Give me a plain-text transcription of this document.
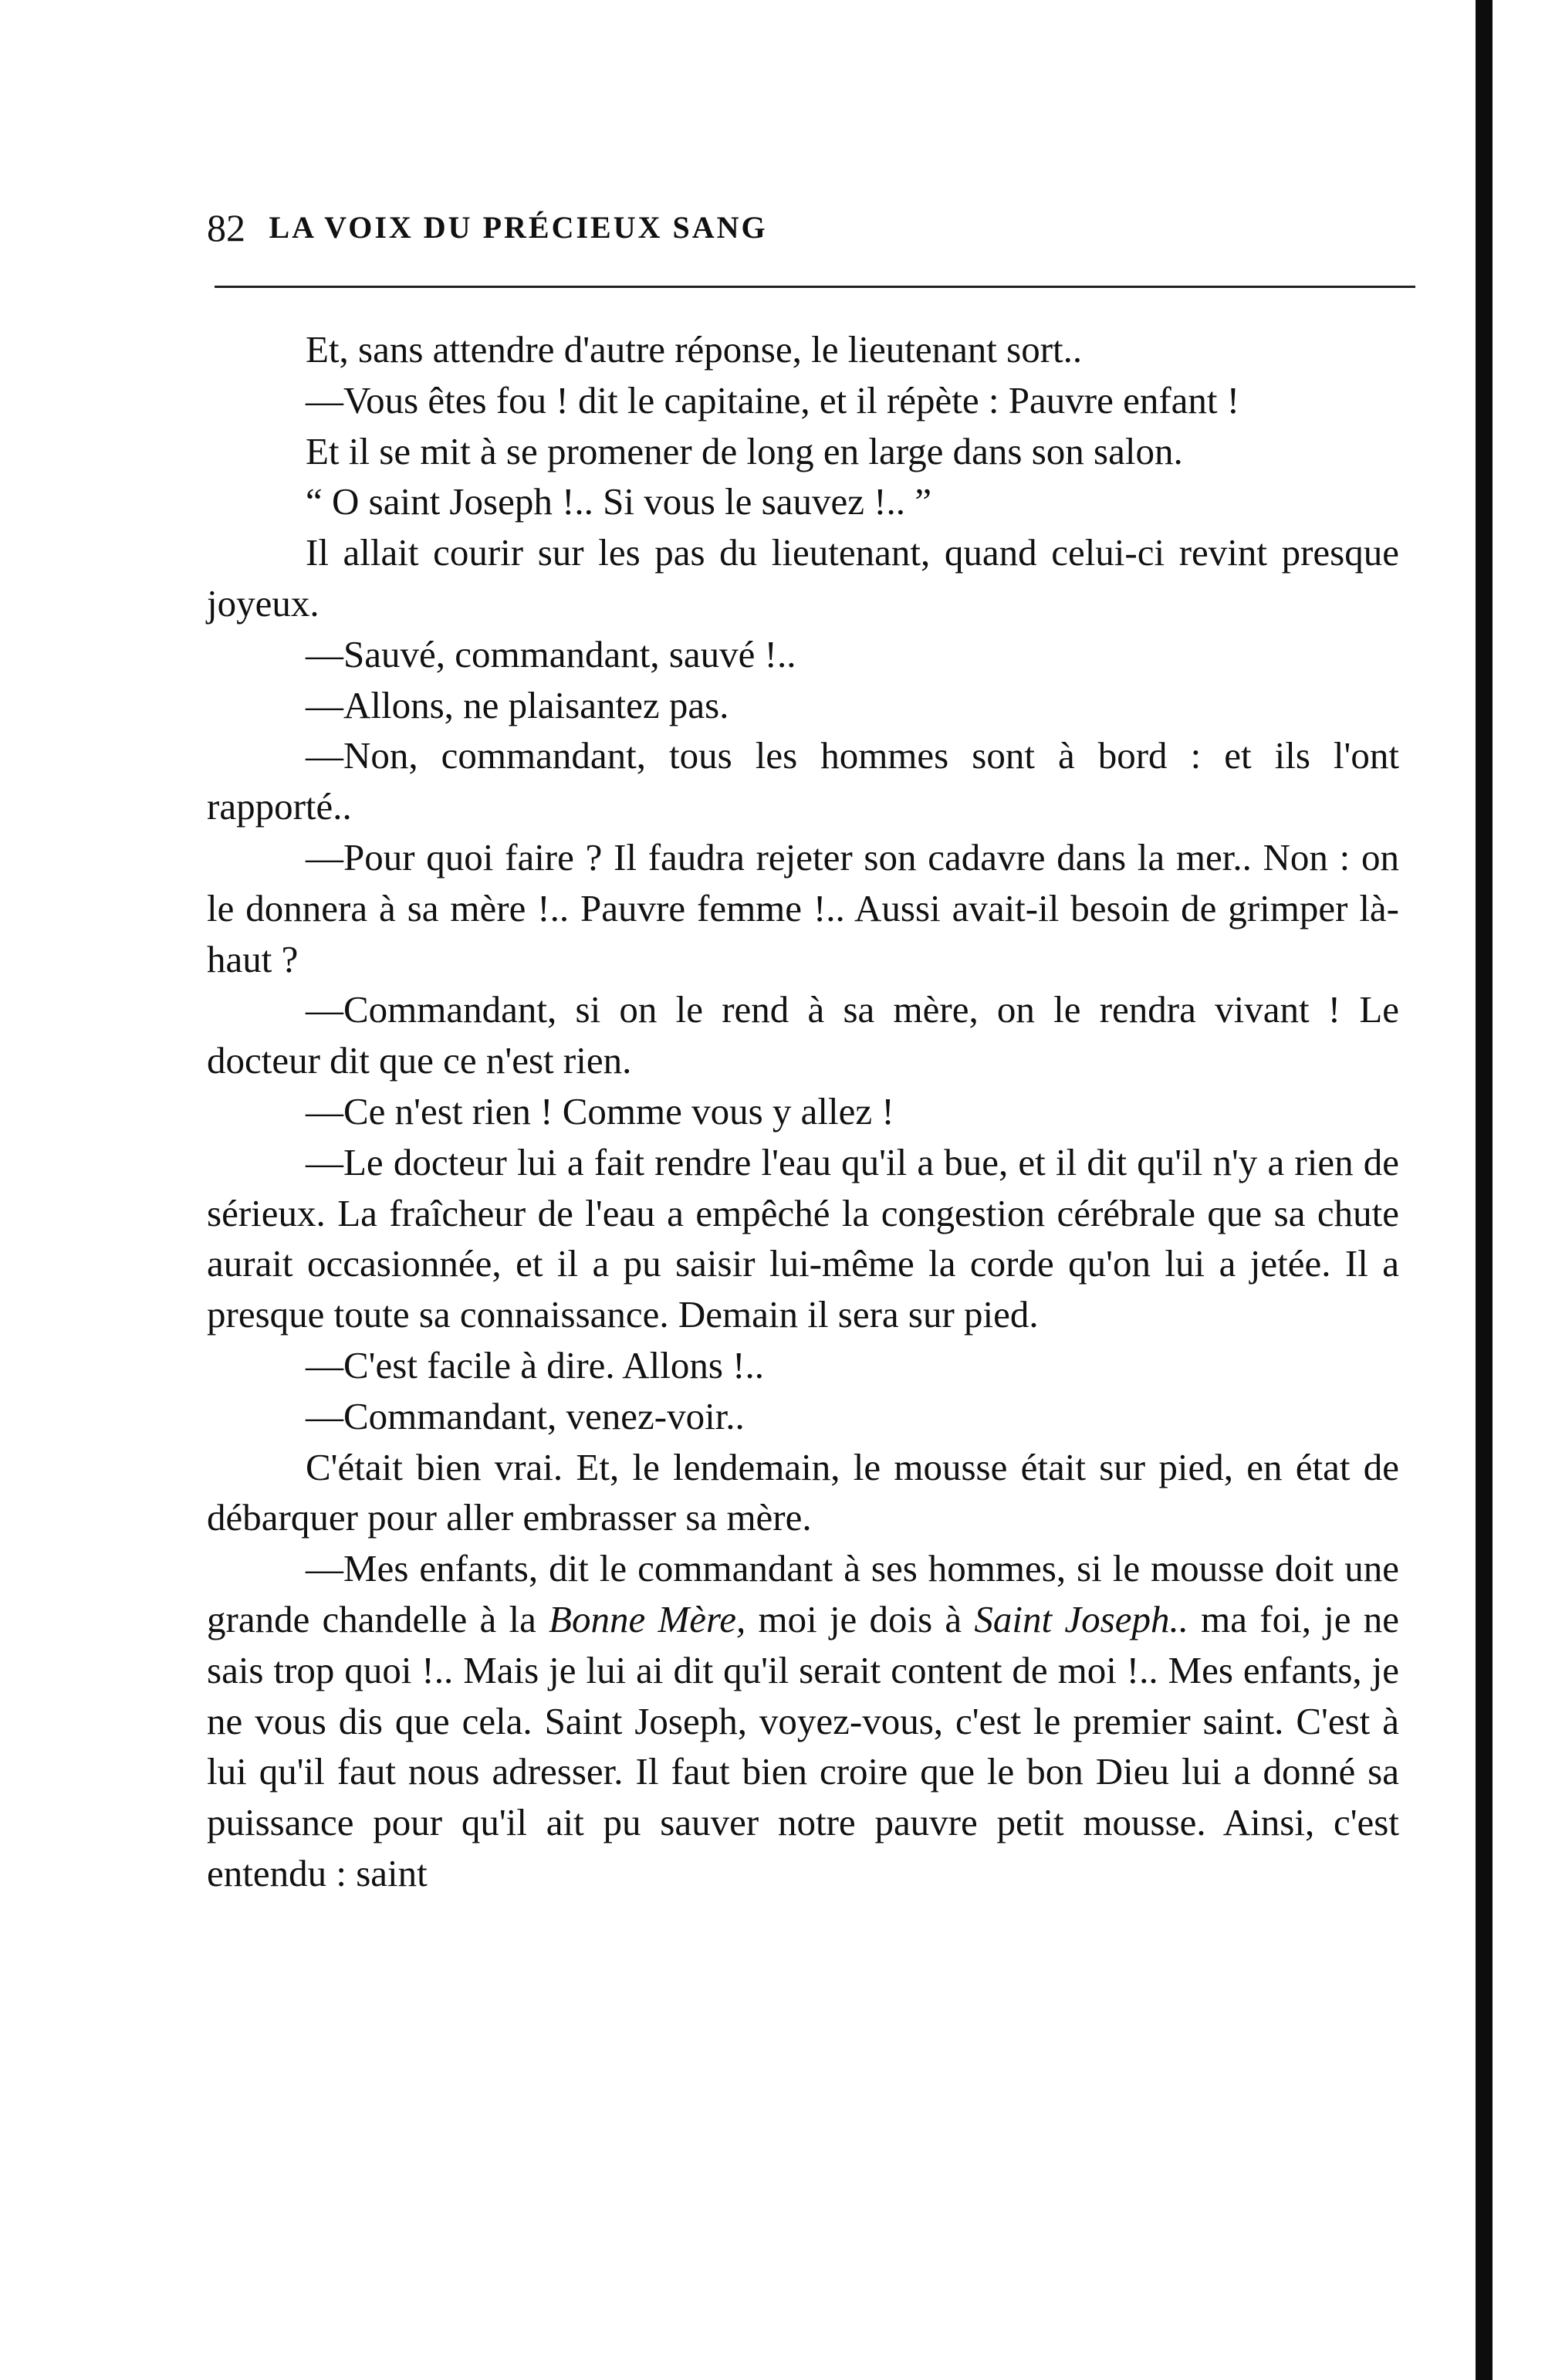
82 LA VOIX DU PRÉCIEUX SANG

Et, sans attendre d'autre réponse, le lieutenant sort..

—Vous êtes fou ! dit le capitaine, et il répète : Pauvre enfant !

Et il se mit à se promener de long en large dans son salon.

“ O saint Joseph !.. Si vous le sauvez !.. ”

Il allait courir sur les pas du lieutenant, quand celui-ci revint presque joyeux.

—Sauvé, commandant, sauvé !..

—Allons, ne plaisantez pas.

—Non, commandant, tous les hommes sont à bord : et ils l'ont rapporté..

—Pour quoi faire ? Il faudra rejeter son cadavre dans la mer.. Non : on le donnera à sa mère !.. Pauvre femme !.. Aussi avait-il besoin de grimper là-haut ?

—Commandant, si on le rend à sa mère, on le rendra vivant ! Le docteur dit que ce n'est rien.

—Ce n'est rien ! Comme vous y allez !

—Le docteur lui a fait rendre l'eau qu'il a bue, et il dit qu'il n'y a rien de sérieux. La fraîcheur de l'eau a empêché la congestion cérébrale que sa chute aurait occasionnée, et il a pu saisir lui-même la corde qu'on lui a jetée. Il a presque toute sa connaissance. Demain il sera sur pied.

—C'est facile à dire. Allons !..

—Commandant, venez-voir..

C'était bien vrai. Et, le lendemain, le mousse était sur pied, en état de débarquer pour aller embrasser sa mère.

—Mes enfants, dit le commandant à ses hommes, si le mousse doit une grande chandelle à la Bonne Mère, moi je dois à Saint Joseph.. ma foi, je ne sais trop quoi !.. Mais je lui ai dit qu'il serait content de moi !.. Mes enfants, je ne vous dis que cela. Saint Joseph, voyez-vous, c'est le premier saint. C'est à lui qu'il faut nous adresser. Il faut bien croire que le bon Dieu lui a donné sa puissance pour qu'il ait pu sauver notre pauvre petit mousse. Ainsi, c'est entendu : saint
